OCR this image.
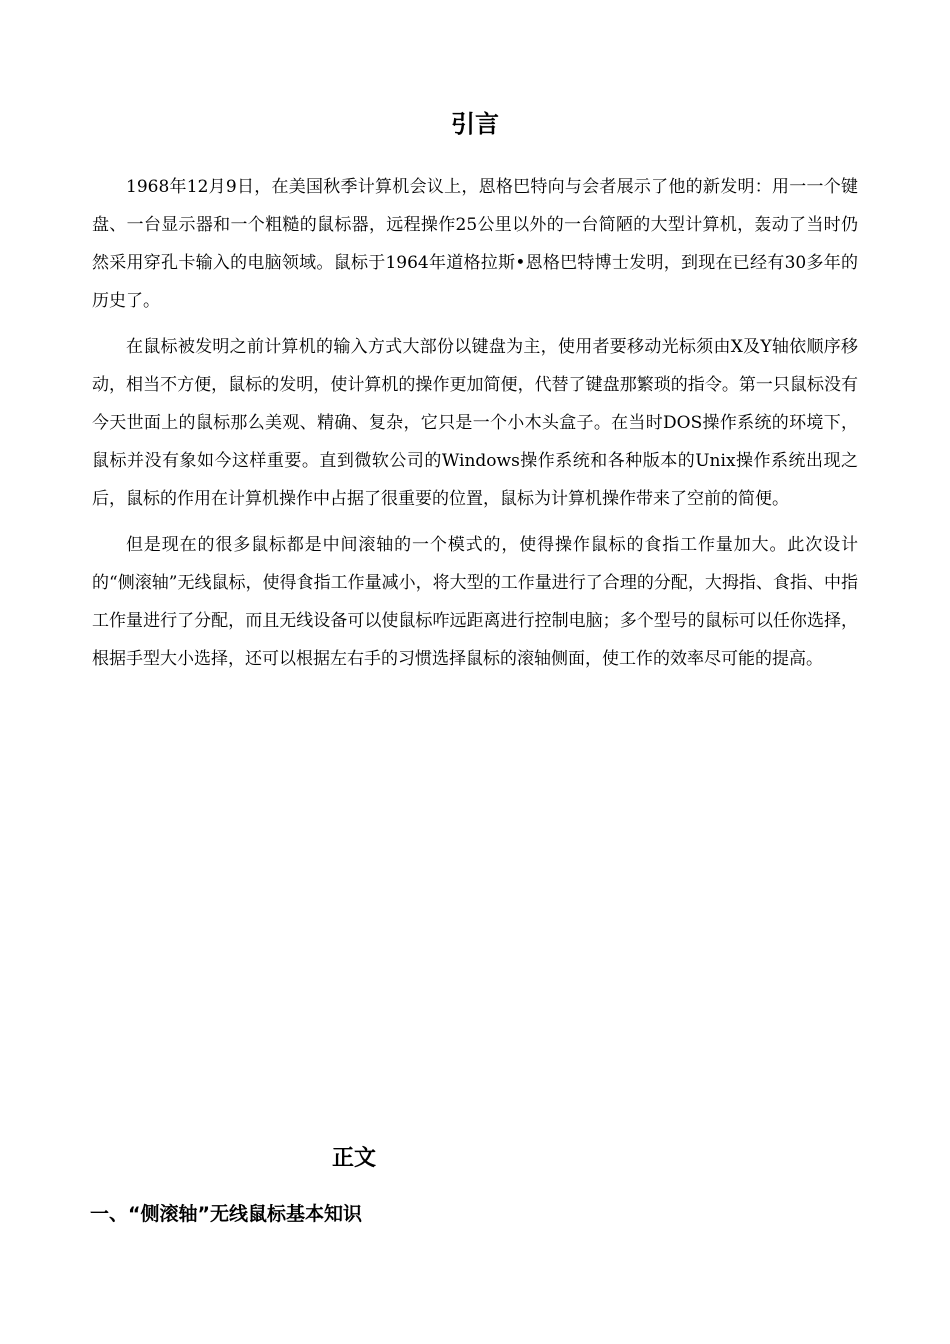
引言

1968年12月9日，在美国秋季计算机会议上，恩格巴特向与会者展示了他的新发明：用一一个键盘、一台显示器和一个粗糙的鼠标器，远程操作25公里以外的一台简陋的大型计算机，轰动了当时仍然采用穿孔卡输入的电脑领域。鼠标于1964年道格拉斯•恩格巴特博士发明，到现在已经有30多年的历史了。

在鼠标被发明之前计算机的输入方式大部份以键盘为主，使用者要移动光标须由X及Y轴依顺序移动，相当不方便，鼠标的发明，使计算机的操作更加简便，代替了键盘那繁琐的指令。第一只鼠标没有今天世面上的鼠标那么美观、精确、复杂，它只是一个小木头盒子。在当时DOS操作系统的环境下，鼠标并没有象如今这样重要。直到微软公司的Windows操作系统和各种版本的Unix操作系统出现之后，鼠标的作用在计算机操作中占据了很重要的位置，鼠标为计算机操作带来了空前的简便。

但是现在的很多鼠标都是中间滚轴的一个模式的，使得操作鼠标的食指工作量加大。此次设计的“侧滚轴”无线鼠标，使得食指工作量减小，将大型的工作量进行了合理的分配，大拇指、食指、中指工作量进行了分配，而且无线设备可以使鼠标咋远距离进行控制电脑；多个型号的鼠标可以任你选择，根据手型大小选择，还可以根据左右手的习惯选择鼠标的滚轴侧面，使工作的效率尽可能的提高。

正文
一、“侧滚轴”无线鼠标基本知识
